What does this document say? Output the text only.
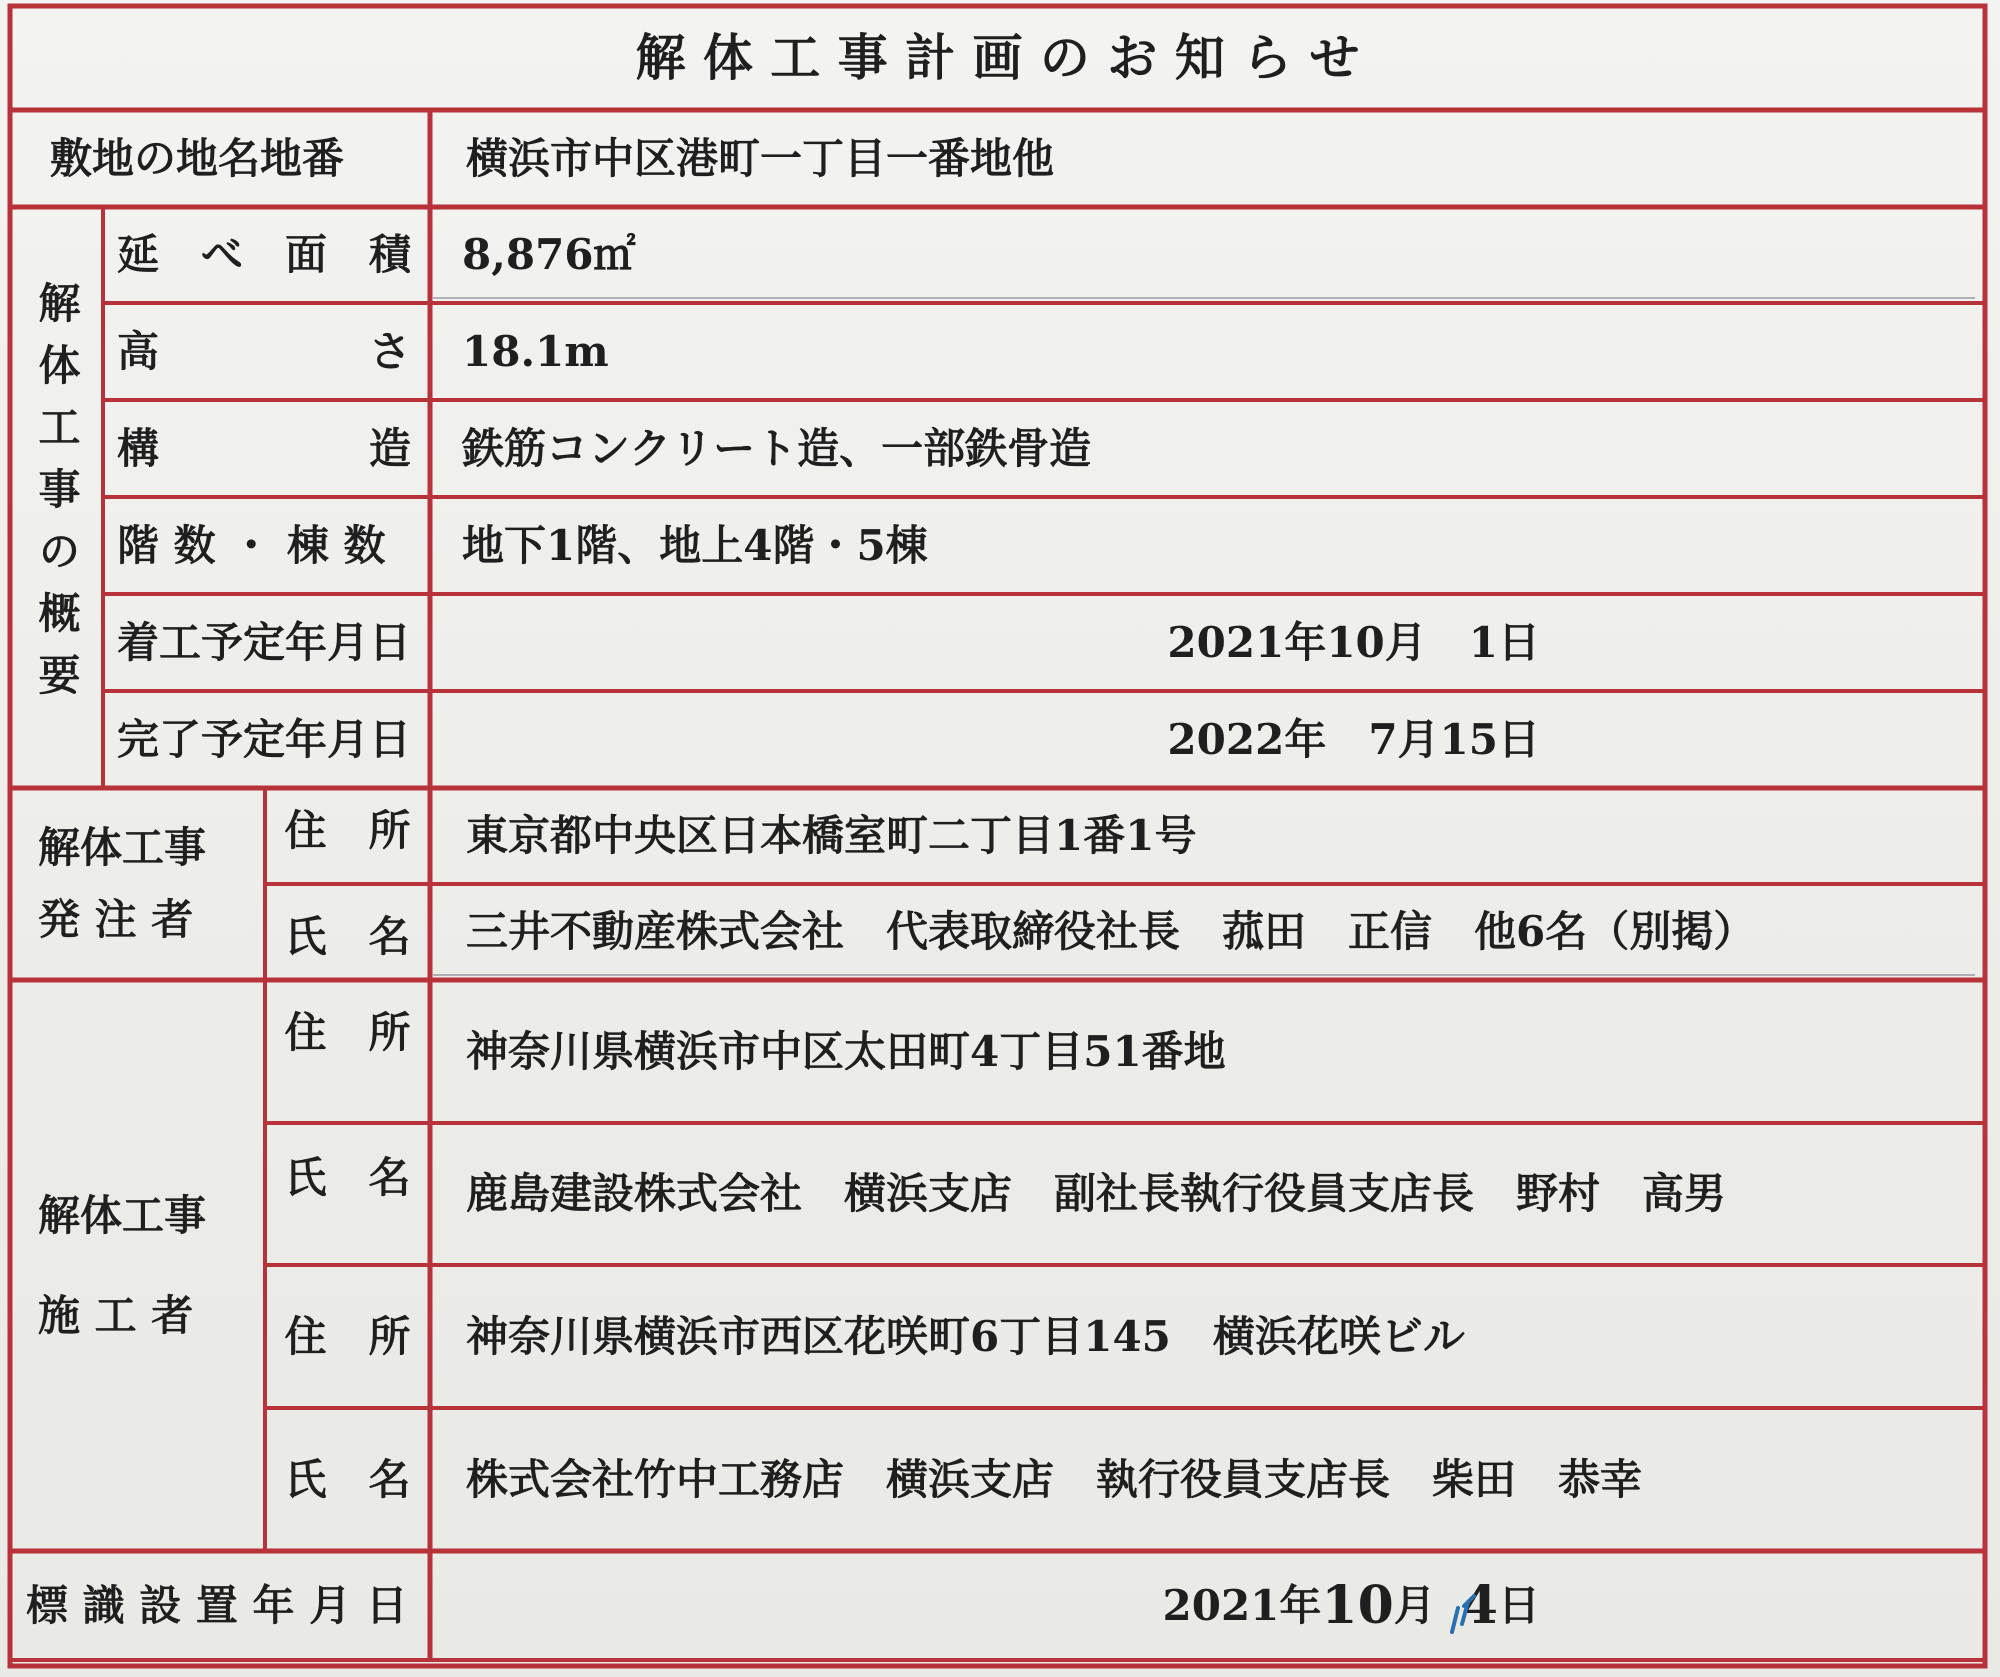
解 体 工 事 計 画 の お 知 ら せ
敷地の地名地番	横浜市中区港町一丁目一番地他
解体工事の概要
延　べ　面　積 8,876㎡
高　　　　　さ 18.1m
構　　　　　造 鉄筋コンクリート造、一部鉄骨造
階 数 ・ 棟 数 地下1階、地上4階・5棟
着工予定年月日	2021年10月　1日
完了予定年月日	2022年　7月15日
解体工事
発 注 者
住　所 東京都中央区日本橋室町二丁目1番1号
氏　名 三井不動産株式会社　代表取締役社長　菰田　正信　他6名（別掲）
解体工事
施 工 者
住　所 神奈川県横浜市中区太田町4丁目51番地
氏　名 鹿島建設株式会社　横浜支店　副社長執行役員支店長　野村　高男
住　所 神奈川県横浜市西区花咲町6丁目145　横浜花咲ビル
氏　名 株式会社竹中工務店　横浜支店　執行役員支店長　柴田　恭幸
標 識 設 置 年 月 日	2021年 10 月 4 日
